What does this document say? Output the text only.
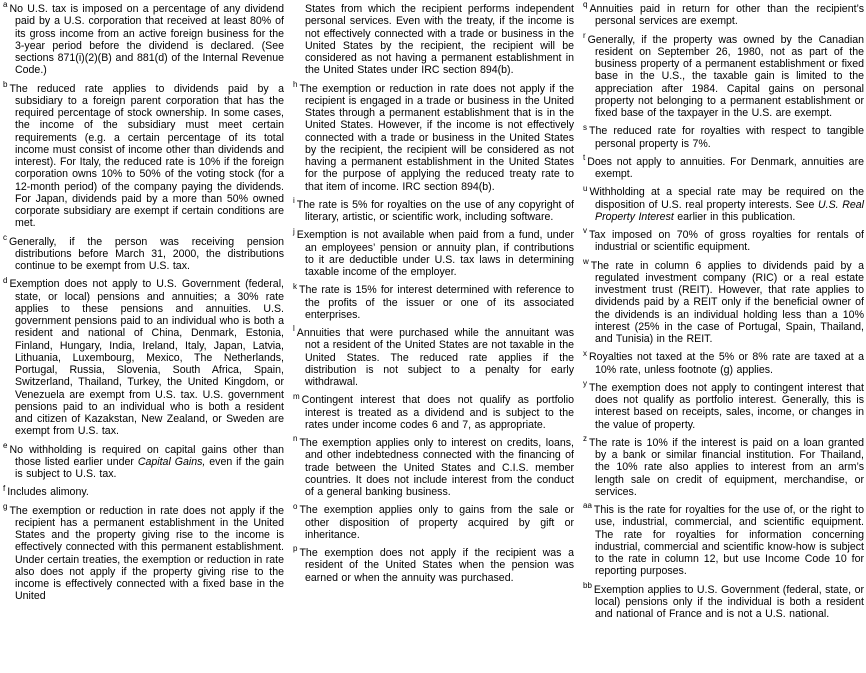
$^a$ No U.S. tax is imposed on a percentage of any dividend paid by a U.S. corporation that received at least 80% of its gross income from an active foreign business for the 3-year period before the dividend is declared. (See sections 871(i)(2)(B) and 881(d) of the Internal Revenue Code.)
$^b$ The reduced rate applies to dividends paid by a subsidiary to a foreign parent corporation that has the required percentage of stock ownership. In some cases, the income of the subsidiary must meet certain requirements (e.g. a certain percentage of its total income must consist of income other than dividends and interest). For Italy, the reduced rate is 10% if the foreign corporation owns 10% to 50% of the voting stock (for a 12-month period) of the company paying the dividends. For Japan, dividends paid by a more than 50% owned corporate subsidiary are exempt if certain conditions are met.
$^c$ Generally, if the person was receiving pension distributions before March 31, 2000, the distributions continue to be exempt from U.S. tax.
$^d$ Exemption does not apply to U.S. Government (federal, state, or local) pensions and annuities; a 30% rate applies to these pensions and annuities. U.S. government pensions paid to an individual who is both a resident and national of China, Denmark, Estonia, Finland, Hungary, India, Ireland, Italy, Japan, Latvia, Lithuania, Luxembourg, Mexico, The Netherlands, Portugal, Russia, Slovenia, South Africa, Spain, Switzerland, Thailand, Turkey, the United Kingdom, or Venezuela are exempt from U.S. tax. U.S. government pensions paid to an individual who is both a resident and citizen of Kazakstan, New Zealand, or Sweden are exempt from U.S. tax.
$^e$ No withholding is required on capital gains other than those listed earlier under Capital Gains, even if the gain is subject to U.S. tax.
$^f$ Includes alimony.
$^g$ The exemption or reduction in rate does not apply if the recipient has a permanent establishment in the United States and the property giving rise to the income is effectively connected with this permanent establishment. Under certain treaties, the exemption or reduction in rate also does not apply if the property giving rise to the income is effectively connected with a fixed base in the United
States from which the recipient performs independent personal services. Even with the treaty, if the income is not effectively connected with a trade or business in the United States by the recipient, the recipient will be considered as not having a permanent establishment in the United States under IRC section 894(b).
$^h$ The exemption or reduction in rate does not apply if the recipient is engaged in a trade or business in the United States through a permanent establishment that is in the United States. However, if the income is not effectively connected with a trade or business in the United States by the recipient, the recipient will be considered as not having a permanent establishment in the United States for the purpose of applying the reduced treaty rate to that item of income. IRC section 894(b).
$^i$ The rate is 5% for royalties on the use of any copyright of literary, artistic, or scientific work, including software.
$^j$ Exemption is not available when paid from a fund, under an employees’ pension or annuity plan, if contributions to it are deductible under U.S. tax laws in determining taxable income of the employer.
$^k$ The rate is 15% for interest determined with reference to the profits of the issuer or one of its associated enterprises.
$^l$ Annuities that were purchased while the annuitant was not a resident of the United States are not taxable in the United States. The reduced rate applies if the distribution is not subject to a penalty for early withdrawal.
$^m$ Contingent interest that does not qualify as portfolio interest is treated as a dividend and is subject to the rates under income codes 6 and 7, as appropriate.
$^n$ The exemption applies only to interest on credits, loans, and other indebtedness connected with the financing of trade between the United States and C.I.S. member countries. It does not include interest from the conduct of a general banking business.
$^o$ The exemption applies only to gains from the sale or other disposition of property acquired by gift or inheritance.
$^p$ The exemption does not apply if the recipient was a resident of the United States when the pension was earned or when the annuity was purchased.
$^q$ Annuities paid in return for other than the recipient’s personal services are exempt.
$^r$ Generally, if the property was owned by the Canadian resident on September 26, 1980, not as part of the business property of a permanent establishment or fixed base in the U.S., the taxable gain is limited to the appreciation after 1984. Capital gains on personal property not belonging to a permanent establishment or fixed base of the taxpayer in the U.S. are exempt.
$^s$ The reduced rate for royalties with respect to tangible personal property is 7%.
$^t$ Does not apply to annuities. For Denmark, annuities are exempt.
$^u$ Withholding at a special rate may be required on the disposition of U.S. real property interests. See U.S. Real Property Interest earlier in this publication.
$^v$ Tax imposed on 70% of gross royalties for rentals of industrial or scientific equipment.
$^w$ The rate in column 6 applies to dividends paid by a regulated investment company (RIC) or a real estate investment trust (REIT). However, that rate applies to dividends paid by a REIT only if the beneficial owner of the dividends is an individual holding less than a 10% interest (25% in the case of Portugal, Spain, Thailand, and Tunisia) in the REIT.
$^x$ Royalties not taxed at the 5% or 8% rate are taxed at a 10% rate, unless footnote (g) applies.
$^y$ The exemption does not apply to contingent interest that does not qualify as portfolio interest. Generally, this is interest based on receipts, sales, income, or changes in the value of property.
$^z$ The rate is 10% if the interest is paid on a loan granted by a bank or similar financial institution. For Thailand, the 10% rate also applies to interest from an arm’s length sale on credit of equipment, merchandise, or services.
$^{aa}$ This is the rate for royalties for the use of, or the right to use, industrial, commercial, and scientific equipment. The rate for royalties for information concerning industrial, commercial and scientific know-how is subject to the rate in column 12, but use Income Code 10 for reporting purposes.
$^{bb}$ Exemption applies to U.S. Government (federal, state, or local) pensions only if the individual is both a resident and national of France and is not a U.S. national.
